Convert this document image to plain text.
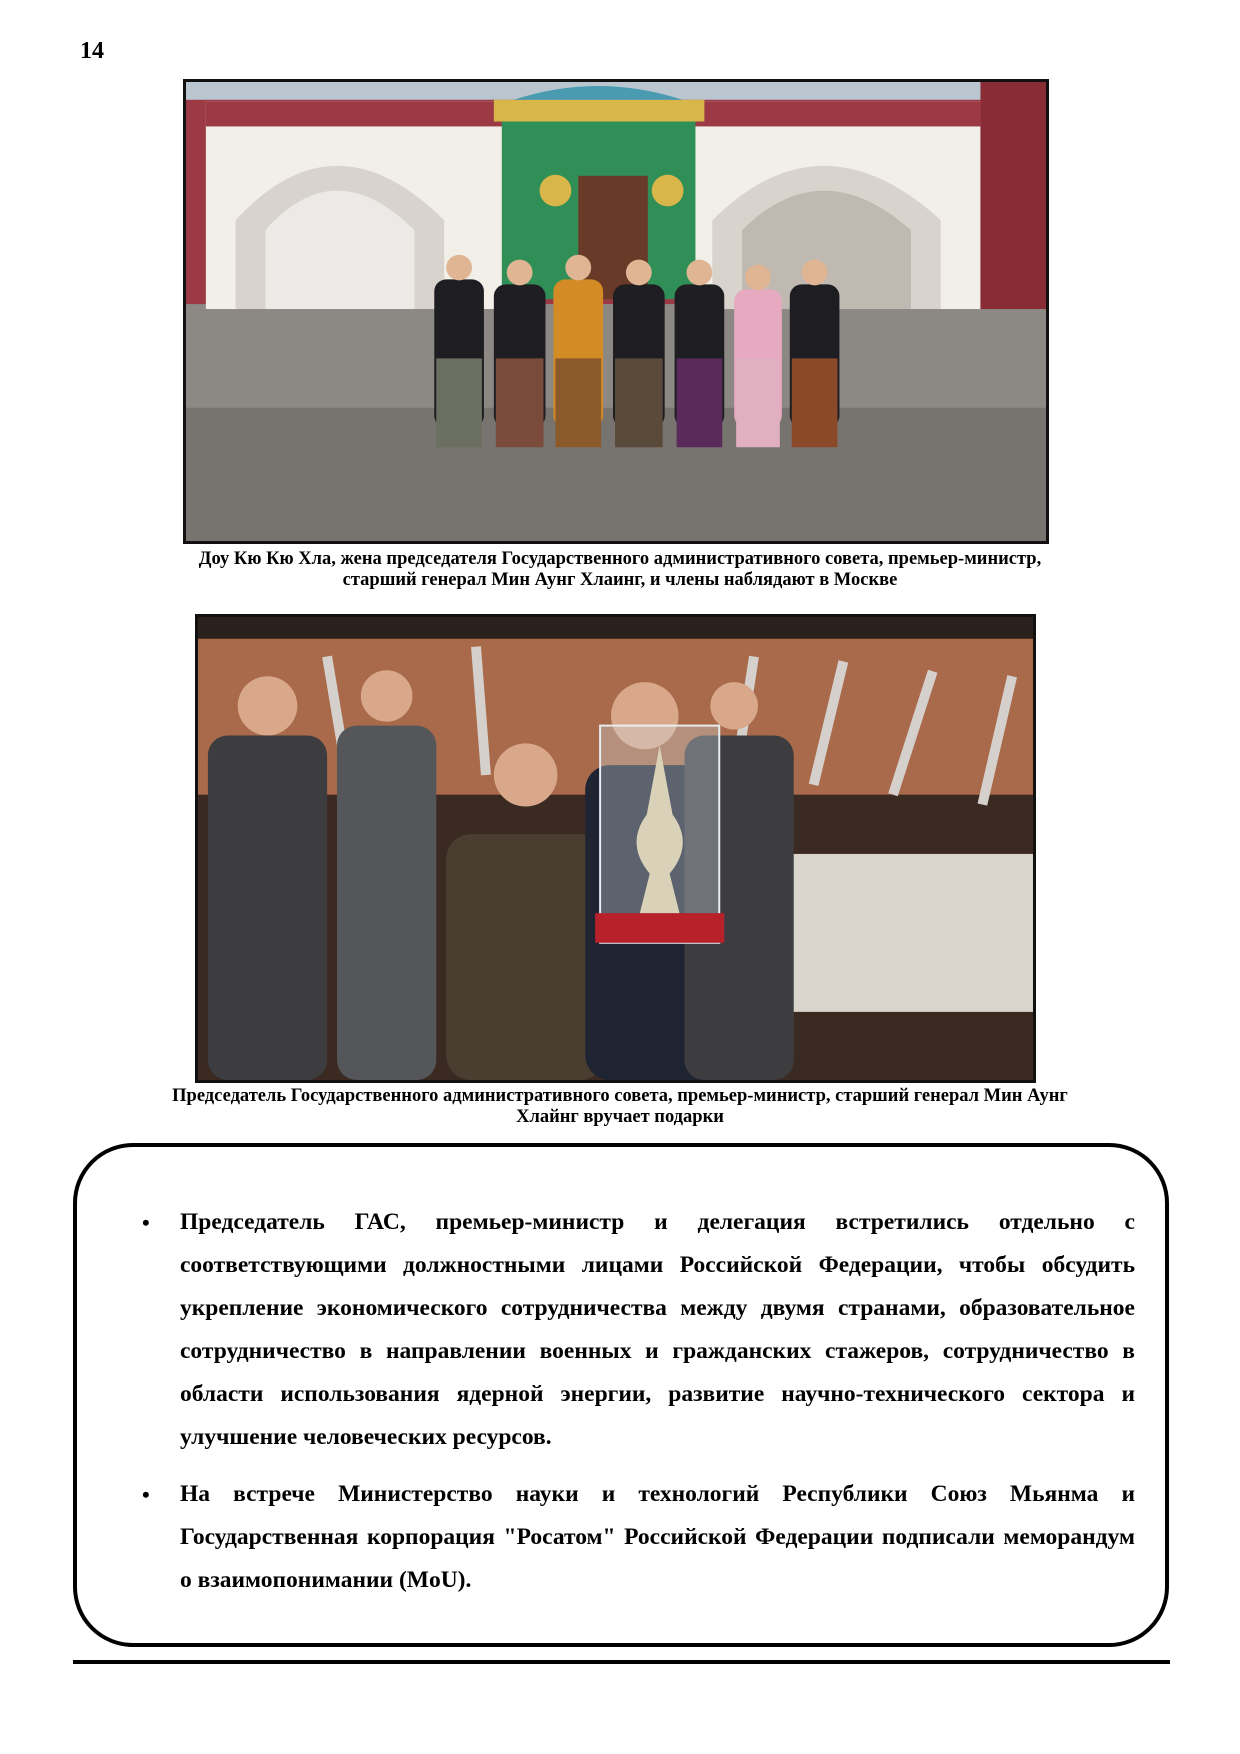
14
Доу Кю Кю Хла, жена председателя Государственного административного совета, премьер-министр,
старший генерал Мин Аунг Хлаинг, и члены наблядают в Москве
Председатель Государственного административного совета, премьер-министр, старший генерал Мин Аунг
Хлайнг вручает подарки
• Председатель ГАС, премьер-министр и делегация встретились отдельно с соответствующими должностными лицами Российской Федерации, чтобы обсудить укрепление экономического сотрудничества между двумя странами, образовательное сотрудничество в направлении военных и гражданских стажеров, сотрудничество в области использования ядерной энергии, развитие научно-технического сектора и улучшение человеческих ресурсов.
• На встрече Министерство науки и технологий Республики Союз Мьянма и Государственная корпорация "Росатом" Российской Федерации подписали меморандум о взаимопонимании (MoU).
